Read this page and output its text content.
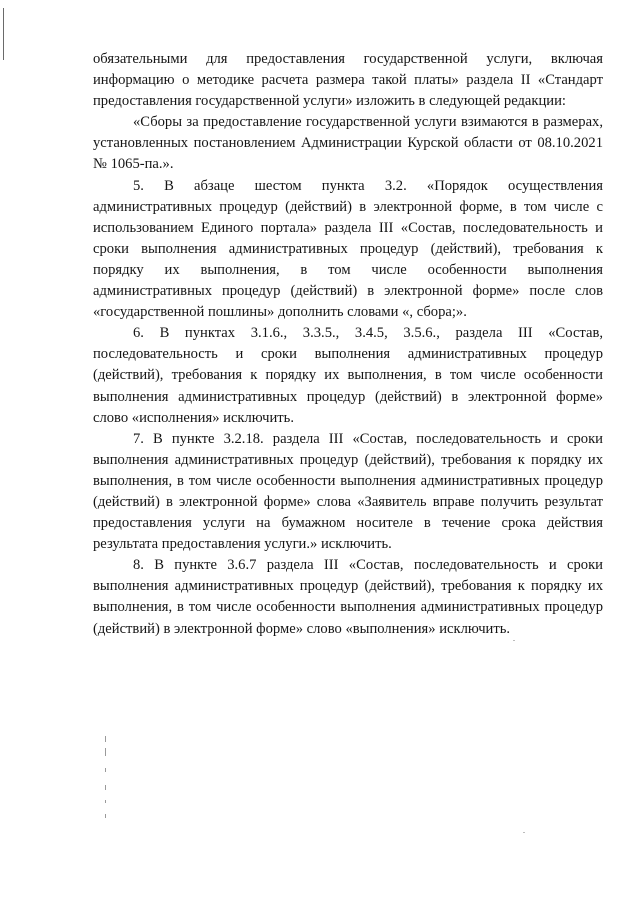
обязательными для предоставления государственной услуги, включая информацию о методике расчета размера такой платы» раздела II «Стандарт предоставления государственной услуги» изложить в следующей редакции:

«Сборы за предоставление государственной услуги взимаются в размерах, установленных постановлением Администрации Курской области от 08.10.2021 № 1065-па.».

5. В абзаце шестом пункта 3.2. «Порядок осуществления административных процедур (действий) в электронной форме, в том числе с использованием Единого портала» раздела III «Состав, последовательность и сроки выполнения административных процедур (действий), требования к порядку их выполнения, в том числе особенности выполнения административных процедур (действий) в электронной форме» после слов «государственной пошлины» дополнить словами «, сбора;».

6. В пунктах 3.1.6., 3.3.5., 3.4.5, 3.5.6., раздела III «Состав, последовательность и сроки выполнения административных процедур (действий), требования к порядку их выполнения, в том числе особенности выполнения административных процедур (действий) в электронной форме» слово «исполнения» исключить.

7. В пункте 3.2.18. раздела III «Состав, последовательность и сроки выполнения административных процедур (действий), требования к порядку их выполнения, в том числе особенности выполнения административных процедур (действий) в электронной форме» слова «Заявитель вправе получить результат предоставления услуги на бумажном носителе в течение срока действия результата предоставления услуги.» исключить.

8. В пункте 3.6.7 раздела III «Состав, последовательность и сроки выполнения административных процедур (действий), требования к порядку их выполнения, в том числе особенности выполнения административных процедур (действий) в электронной форме» слово «выполнения» исключить.
